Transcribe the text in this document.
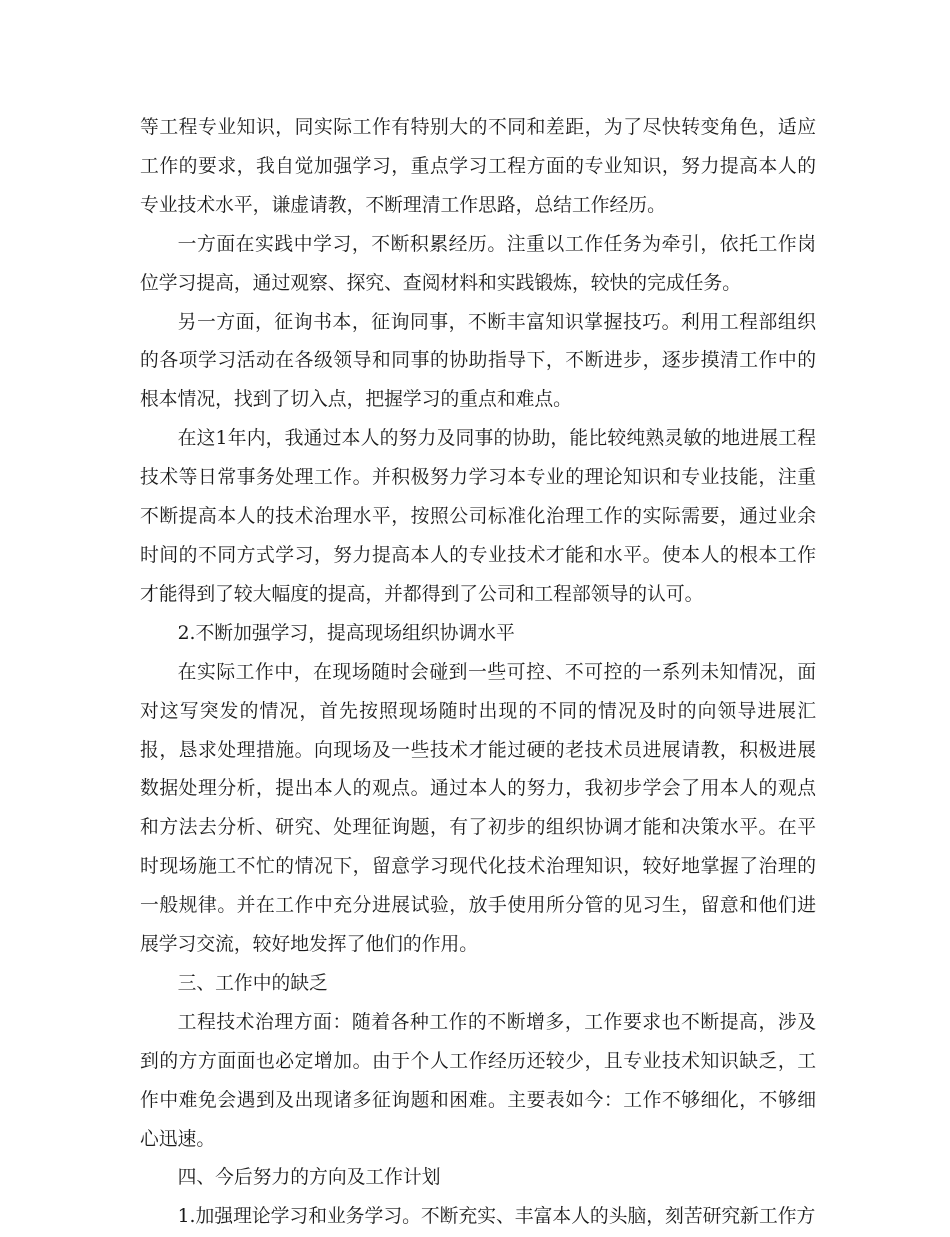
等工程专业知识，同实际工作有特别大的不同和差距，为了尽快转变角色，适应工作的要求，我自觉加强学习，重点学习工程方面的专业知识，努力提高本人的专业技术水平，谦虚请教，不断理清工作思路，总结工作经历。

一方面在实践中学习，不断积累经历。注重以工作任务为牵引，依托工作岗位学习提高，通过观察、探究、查阅材料和实践锻炼，较快的完成任务。

另一方面，征询书本，征询同事，不断丰富知识掌握技巧。利用工程部组织的各项学习活动在各级领导和同事的协助指导下，不断进步，逐步摸清工作中的根本情况，找到了切入点，把握学习的重点和难点。

在这1年内，我通过本人的努力及同事的协助，能比较纯熟灵敏的地进展工程技术等日常事务处理工作。并积极努力学习本专业的理论知识和专业技能，注重不断提高本人的技术治理水平，按照公司标准化治理工作的实际需要，通过业余时间的不同方式学习，努力提高本人的专业技术才能和水平。使本人的根本工作才能得到了较大幅度的提高，并都得到了公司和工程部领导的认可。

2.不断加强学习，提高现场组织协调水平

在实际工作中，在现场随时会碰到一些可控、不可控的一系列未知情况，面对这写突发的情况，首先按照现场随时出现的不同的情况及时的向领导进展汇报，恳求处理措施。向现场及一些技术才能过硬的老技术员进展请教，积极进展数据处理分析，提出本人的观点。通过本人的努力，我初步学会了用本人的观点和方法去分析、研究、处理征询题，有了初步的组织协调才能和决策水平。在平时现场施工不忙的情况下，留意学习现代化技术治理知识，较好地掌握了治理的一般规律。并在工作中充分进展试验，放手使用所分管的见习生，留意和他们进展学习交流，较好地发挥了他们的作用。

三、工作中的缺乏

工程技术治理方面：随着各种工作的不断增多，工作要求也不断提高，涉及到的方方面面也必定增加。由于个人工作经历还较少，且专业技术知识缺乏，工作中难免会遇到及出现诸多征询题和困难。主要表如今：工作不够细化，不够细心迅速。

四、今后努力的方向及工作计划

1.加强理论学习和业务学习。不断充实、丰富本人的头脑，刻苦研究新工作方
